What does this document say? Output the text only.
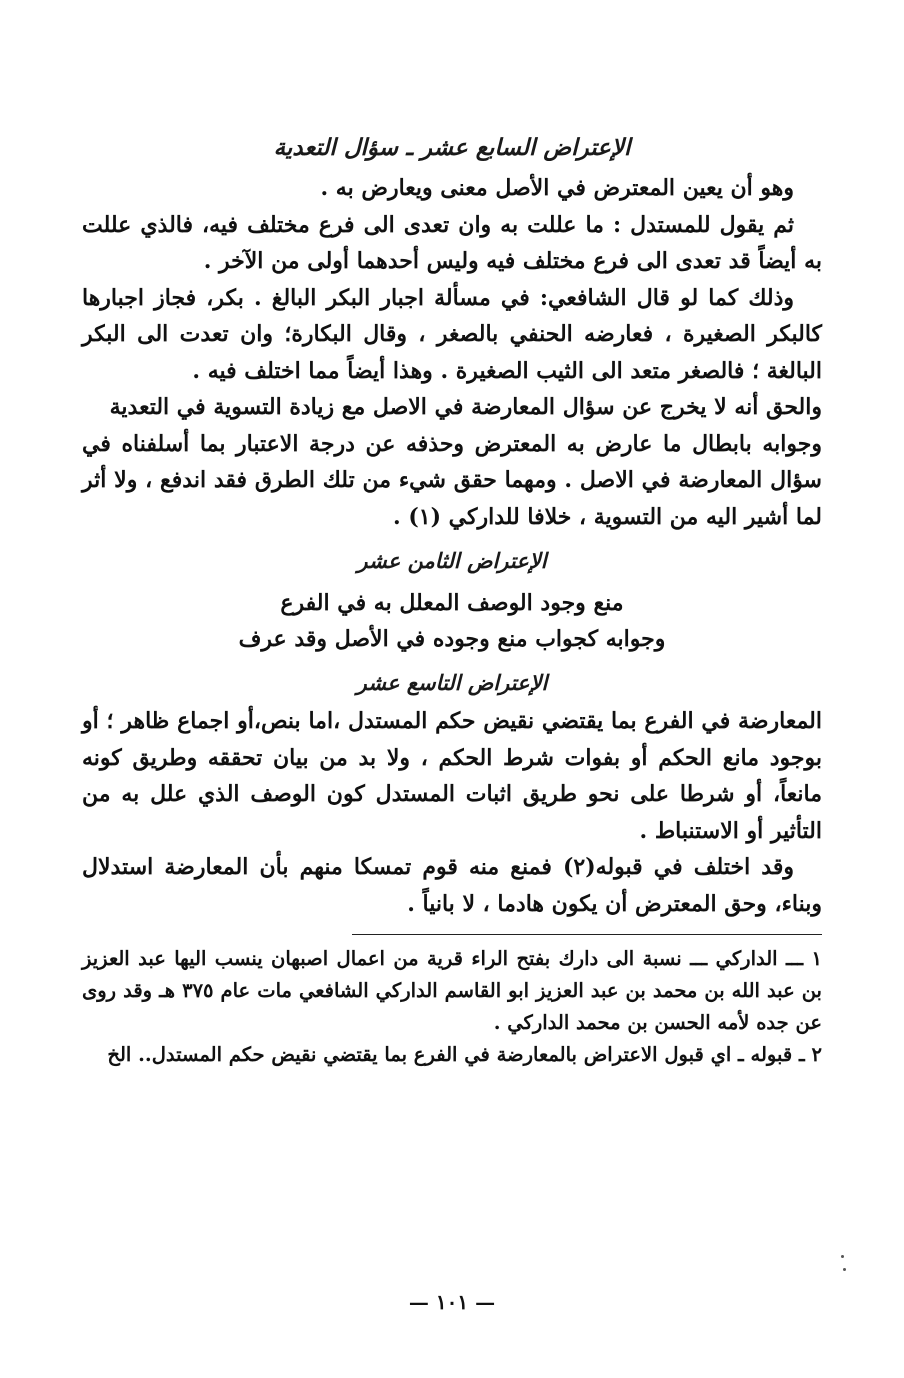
الإعتراض السابع عشر ـ سؤال التعدية

وهو أن يعين المعترض في الأصل معنى ويعارض به .

ثم يقول للمستدل : ما عللت به وان تعدى الى فرع مختلف فيه، فالذي عللت به أيضاً قد تعدى الى فرع مختلف فيه وليس أحدهما أولى من الآخر .

وذلك كما لو قال الشافعي: في مسألة اجبار البكر البالغ . بكر، فجاز اجبارها كالبكر الصغيرة ، فعارضه الحنفي بالصغر ، وقال البكارة؛ وان تعدت الى البكر البالغة ؛ فالصغر متعد الى الثيب الصغيرة . وهذا أيضاً مما اختلف فيه .

والحق أنه لا يخرج عن سؤال المعارضة في الاصل مع زيادة التسوية في التعدية

وجوابه بابطال ما عارض به المعترض وحذفه عن درجة الاعتبار بما أسلفناه في سؤال المعارضة في الاصل . ومهما حقق شيء من تلك الطرق فقد اندفع ، ولا أثر لما أشير اليه من التسوية ، خلافا للداركي (١) .

الإعتراض الثامن عشر
منع وجود الوصف المعلل به في الفرع
وجوابه كجواب منع وجوده في الأصل وقد عرف
الإعتراض التاسع عشر

المعارضة في الفرع بما يقتضي نقيض حكم المستدل ،اما بنص،أو اجماع ظاهر ؛ أو بوجود مانع الحكم أو بفوات شرط الحكم ، ولا بد من بيان تحققه وطريق كونه مانعاً، أو شرطا على نحو طريق اثبات المستدل كون الوصف الذي علل به من التأثير أو الاستنباط .

وقد اختلف في قبوله(٢) فمنع منه قوم تمسكا منهم بأن المعارضة استدلال وبناء، وحق المعترض أن يكون هادما ، لا بانياً .

١ ـــ الداركي ـــ نسبة الى دارك بفتح الراء قرية من اعمال اصبهان ينسب اليها عبد العزيز بن عبد الله بن محمد بن عبد العزيز ابو القاسم الداركي الشافعي مات عام ٣٧٥ هـ وقد روى عن جده لأمه الحسن بن محمد الداركي .

٢ ـ قبوله ـ اي قبول الاعتراض بالمعارضة في الفرع بما يقتضي نقيض حكم المستدل.. الخ

— ١٠١ —
